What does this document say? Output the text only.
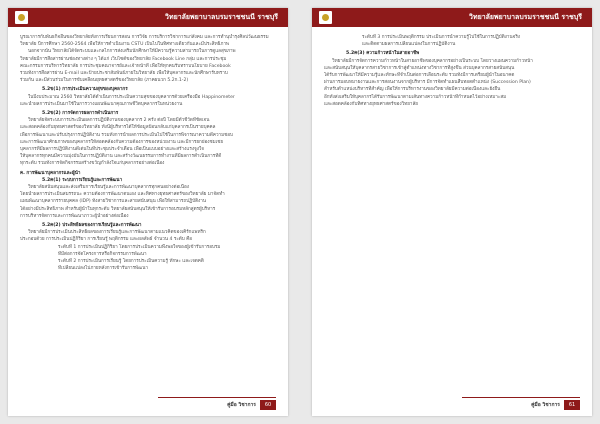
วิทยาลัยพยาบาลบรมราชชนนี ราชบุรี
บูรณาการกับพันธกิจอื่นของวิทยาลัยทั้งการเรียนการสอน การวิจัย การบริการวิชาการแก่สังคม และการทำนุบำรุงศิลปวัฒนธรรม
วิทยาลัย ปีการศึกษา 2560-2564 เพื่อให้การดำเนินงาน CSTU เป็นไปในทิศทางเดียวกันและมีประสิทธิภาพ
นอกจากนั้น วิทยาลัยได้จัดระบบและกลไกการส่งเสริมนักศึกษาให้มีความรู้ความสามารถในการดูแลสุขภาพ
วิทยาลัยมีการสื่อสารผ่านช่องทางต่าง ๆ ได้แก่ เว็บไซต์ของวิทยาลัย Facebook Line กลุ่ม และการประชุม
คณะกรรมการบริหารวิทยาลัย การประชุมคณาจารย์และเจ้าหน้าที่ เพื่อให้ทุกคนรับทราบนโยบาย Facebook
รวมทั้งการสื่อสารผ่าน E-mail และป้ายประชาสัมพันธ์ภายในวิทยาลัย เพื่อให้บุคลากรและนักศึกษารับทราบ
ร่วมกัน และมีส่วนร่วมในการขับเคลื่อนยุทธศาสตร์ของวิทยาลัย (ภาคผนวก 5.2ก.1-2)
5.2ข(1) การประเมินความสุขของบุคลากร
ในปีงบประมาณ 2560 วิทยาลัยได้ดำเนินการประเมินความสุขของบุคลากรด้วยเครื่องมือ Happinometer
และนำผลการประเมินมาใช้ในการวางแผนพัฒนาคุณภาพชีวิตบุคลากรในหน่วยงาน
5.2ข(2) การจัดการผลการดำเนินการ
วิทยาลัยจัดระบบการประเมินผลการปฏิบัติงานของบุคลากร 2 ครั้ง ต่อปี โดยมีตัวชี้วัดที่ชัดเจน
และสอดคล้องกับยุทธศาสตร์ของวิทยาลัย ทั้งนี้ผู้บริหารได้ให้ข้อมูลป้อนกลับแก่บุคลากรเป็นรายบุคคล
เพื่อการพัฒนาและปรับปรุงการปฏิบัติงาน รวมทั้งการนำผลการประเมินไปใช้ในการพิจารณาความดีความชอบ
และการพัฒนาศักยภาพของบุคลากรให้สอดคล้องกับความต้องการของหน่วยงาน และมีการยกย่องชมเชย
บุคลากรที่มีผลการปฏิบัติงานดีเด่นในที่ประชุมประจำเดือน เพื่อเป็นแบบอย่างและสร้างแรงจูงใจ
ให้บุคลากรทุกคนมีความมุ่งมั่นในการปฏิบัติงาน และสร้างวัฒนธรรมการทำงานที่มีผลการดำเนินการที่ดี
ทุกระดับ รวมทั้งการจัดกิจกรรมสร้างขวัญกำลังใจแก่บุคลากรอย่างต่อเนื่อง
ค. การพัฒนาบุคลากรและผู้นำ
5.2ค(1) ระบบการเรียนรู้และการพัฒนา
วิทยาลัยสนับสนุนและส่งเสริมการเรียนรู้และการพัฒนาบุคลากรทุกคนอย่างต่อเนื่อง
โดยนำผลการประเมินสมรรถนะ ความต้องการพัฒนาตนเอง และทิศทางยุทธศาสตร์ของวิทยาลัย มาจัดทำ
แผนพัฒนาบุคลากรรายบุคคล (IDP) ทั้งสายวิชาการและสายสนับสนุน เพื่อให้สามารถปฏิบัติงาน
ได้อย่างมีประสิทธิภาพ สำหรับผู้นำในทุกระดับ วิทยาลัยสนับสนุนให้เข้ารับการอบรมหลักสูตรผู้บริหาร
การบริหารจัดการและการพัฒนาภาวะผู้นำอย่างต่อเนื่อง
5.2ค(2) ประสิทธิผลของการเรียนรู้และการพัฒนา
วิทยาลัยมีการประเมินประสิทธิผลของการเรียนรู้และการพัฒนาตามแนวคิดของเคิร์กแพทริก
ประกอบด้วย การประเมินปฏิกิริยา การเรียนรู้ พฤติกรรม และผลลัพธ์ จำนวน 4 ระดับ คือ
ระดับที่ 1 การประเมินปฏิกิริยา โดยการประเมินความพึงพอใจของผู้เข้ารับการอบรม
ที่มีต่อการจัดโครงการหรือกิจกรรมการพัฒนา
ระดับที่ 2 การประเมินการเรียนรู้ โดยการประเมินความรู้ ทักษะ และเจตคติ
ที่เปลี่ยนแปลงไปภายหลังการเข้ารับการพัฒนา
คู่มือ วิชาการ	60
วิทยาลัยพยาบาลบรมราชชนนี ราชบุรี
ระดับที่ 3 การประเมินพฤติกรรม ประเมินการนำความรู้ไปใช้ในการปฏิบัติงานจริง
และติดตามผลการเปลี่ยนแปลงในการปฏิบัติงาน
5.2ค(3) ความก้าวหน้าในสายอาชีพ
วิทยาลัยมีการจัดการความก้าวหน้าในสายอาชีพของบุคลากรอย่างเป็นระบบ โดยวางแผนความก้าวหน้า
และสนับสนุนให้บุคลากรสายวิชาการเข้าสู่ตำแหน่งทางวิชาการที่สูงขึ้น ส่วนบุคลากรสายสนับสนุน
ได้รับการพัฒนาให้มีความรู้และทักษะที่จำเป็นต่อการเลื่อนระดับ รวมทั้งมีการเตรียมผู้นำในอนาคต
ผ่านการมอบหมายงานและการสอนงานจากผู้บริหาร มีการจัดทำแผนสืบทอดตำแหน่ง (Succession Plan)
สำหรับตำแหน่งบริหารที่สำคัญ เพื่อให้การบริหารงานของวิทยาลัยมีความต่อเนื่องและยั่งยืน
อีกทั้งส่งเสริมให้บุคลากรได้รับการพัฒนาตามเส้นทางความก้าวหน้าที่กำหนดไว้อย่างเหมาะสม
และสอดคล้องกับทิศทางยุทธศาสตร์ของวิทยาลัย
คู่มือ วิชาการ	61
